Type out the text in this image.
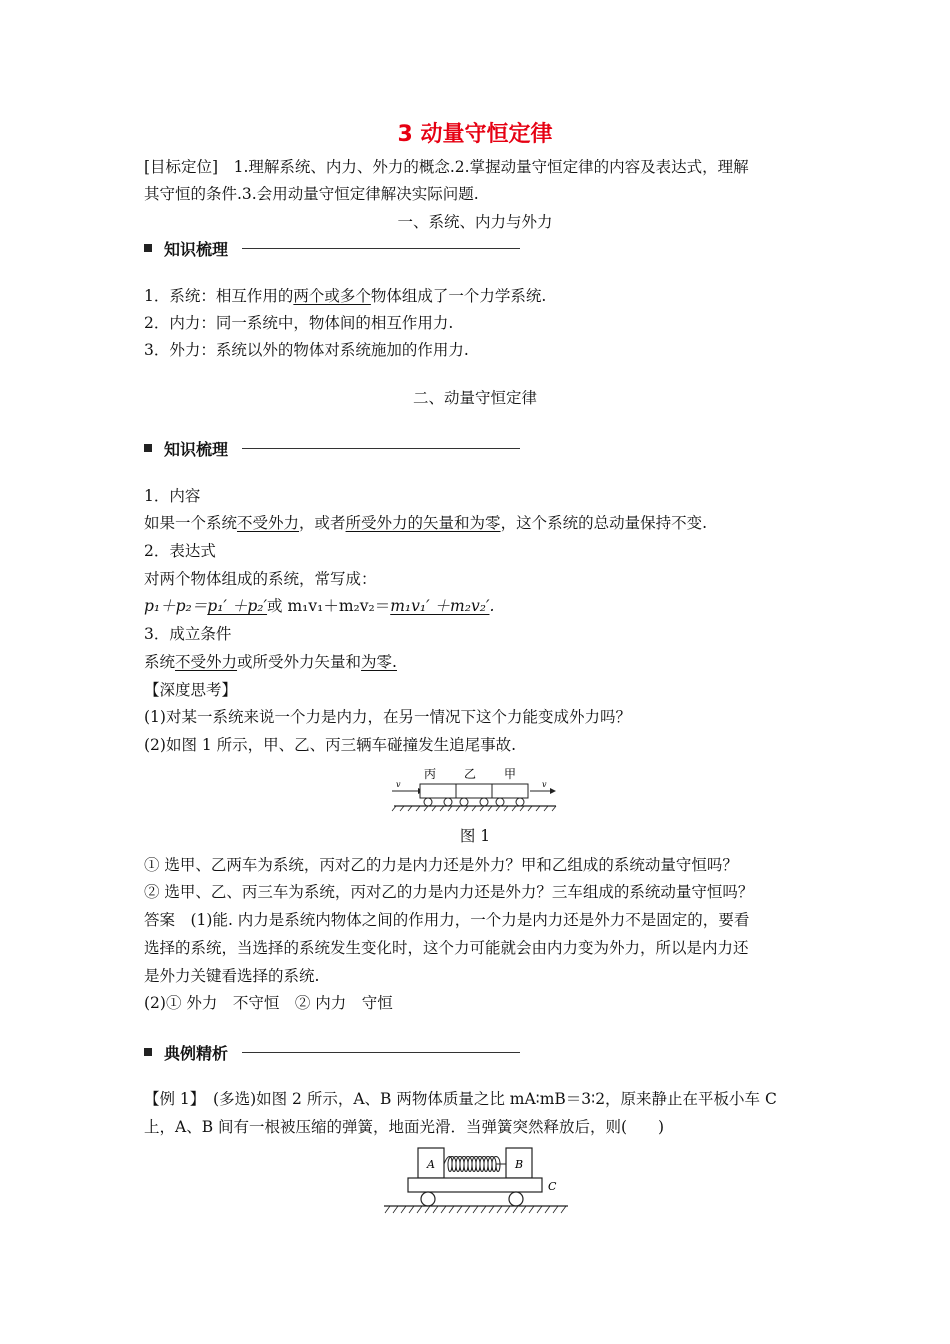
3 动量守恒定律
[目标定位]　1.理解系统、内力、外力的概念.2.掌握动量守恒定律的内容及表达式，理解
其守恒的条件.3.会用动量守恒定律解决实际问题.
一、系统、内力与外力
知识梳理
1．系统：相互作用的两个或多个物体组成了一个力学系统.
2．内力：同一系统中，物体间的相互作用力.
3．外力：系统以外的物体对系统施加的作用力.
二、动量守恒定律
知识梳理
1．内容
如果一个系统不受外力，或者所受外力的矢量和为零，这个系统的总动量保持不变.
2．表达式
对两个物体组成的系统，常写成：
p₁＋p₂＝p₁′ ＋p₂′或 m₁v₁＋m₂v₂＝m₁v₁′ ＋m₂v₂′.
3．成立条件
系统不受外力或所受外力矢量和为零.
【深度思考】
(1)对某一系统来说一个力是内力，在另一情况下这个力能变成外力吗？
(2)如图 1 所示，甲、乙、丙三辆车碰撞发生追尾事故.
丙 乙 甲
v	v
图 1
① 选甲、乙两车为系统，丙对乙的力是内力还是外力？甲和乙组成的系统动量守恒吗？
② 选甲、乙、丙三车为系统，丙对乙的力是内力还是外力？三车组成的系统动量守恒吗？
答案　(1)能. 内力是系统内物体之间的作用力，一个力是内力还是外力不是固定的，要看
选择的系统，当选择的系统发生变化时，这个力可能就会由内力变为外力，所以是内力还
是外力关键看选择的系统.
(2)① 外力　不守恒　② 内力　守恒
典例精析
【例 1】　(多选)如图 2 所示，A、B 两物体质量之比 mA∶mB＝3∶2，原来静止在平板小车 C
上，A、B 间有一根被压缩的弹簧，地面光滑．当弹簧突然释放后，则(　　)
A	B
C
